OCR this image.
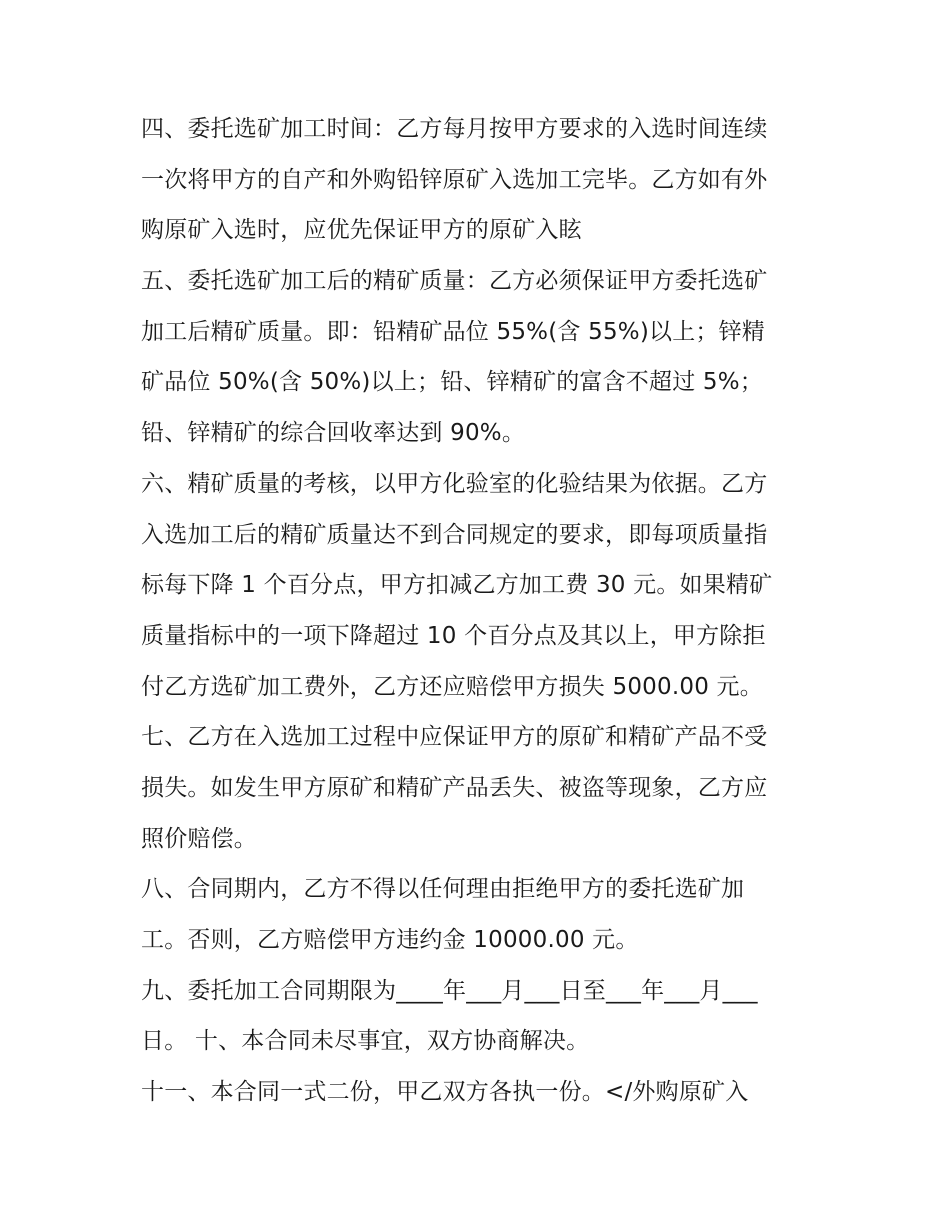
四、委托选矿加工时间：乙方每月按甲方要求的入选时间连续
一次将甲方的自产和外购铅锌原矿入选加工完毕。乙方如有外
购原矿入选时，应优先保证甲方的原矿入眩
五、委托选矿加工后的精矿质量：乙方必须保证甲方委托选矿
加工后精矿质量。即：铅精矿品位 55%(含 55%)以上；锌精
矿品位 50%(含 50%)以上；铅、锌精矿的富含不超过 5%；
铅、锌精矿的综合回收率达到 90%。
六、精矿质量的考核，以甲方化验室的化验结果为依据。乙方
入选加工后的精矿质量达不到合同规定的要求，即每项质量指
标每下降 1 个百分点，甲方扣减乙方加工费 30 元。如果精矿
质量指标中的一项下降超过 10 个百分点及其以上，甲方除拒
付乙方选矿加工费外，乙方还应赔偿甲方损失 5000.00 元。
七、乙方在入选加工过程中应保证甲方的原矿和精矿产品不受
损失。如发生甲方原矿和精矿产品丢失、被盗等现象，乙方应
照价赔偿。
八、合同期内，乙方不得以任何理由拒绝甲方的委托选矿加
工。否则，乙方赔偿甲方违约金 10000.00 元。
九、委托加工合同期限为____年___月___日至___年___月___
日。 十、本合同未尽事宜，双方协商解决。
十一、本合同一式二份，甲乙双方各执一份。</外购原矿入
